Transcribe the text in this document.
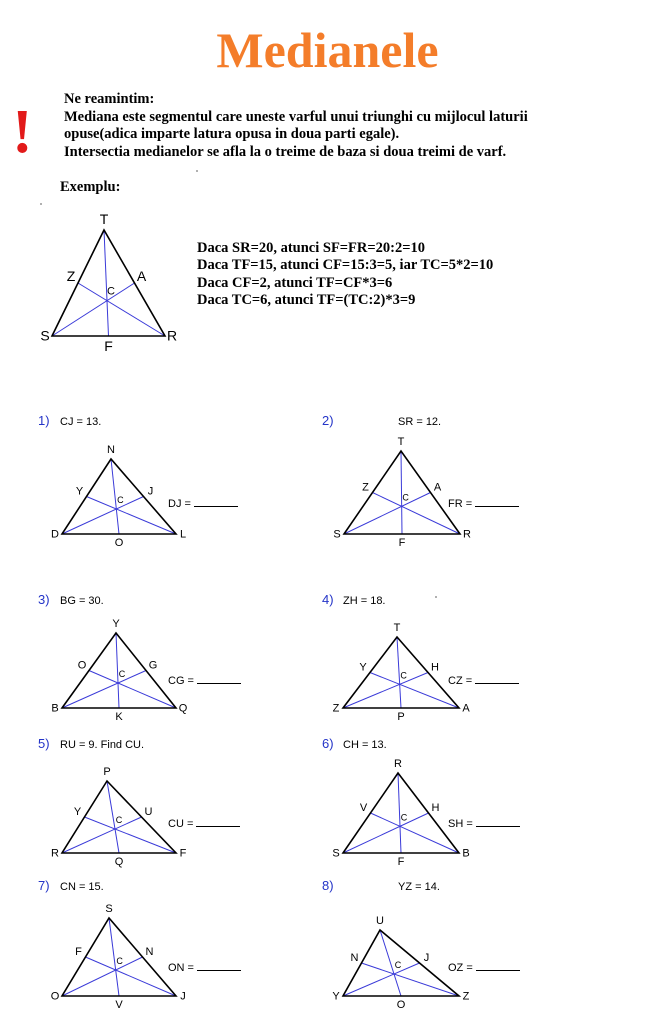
Medianele
! Ne reamintim:
Mediana este segmentul care uneste varful unui triunghi cu mijlocul laturii
opuse(adica imparte latura opusa in doua parti egale).
Intersectia medianelor se afla la o treime de baza si doua treimi de varf.
Exemplu:
Daca SR=20, atunci SF=FR=20:2=10
Daca TF=15, atunci CF=15:3=5, iar TC=5*2=10
Daca CF=2, atunci TF=CF*3=6
Daca TC=6, atunci TF=(TC:2)*3=9
T
S	R
Z	A
F
C
N
D	L
Y	J
O
C
T
S	R
Z	A
F
C
Y
B	Q
O	G
K
C
T
Z	A
Y	H
P
C
P
R	F
Y	U
Q
C
R
S	B
V	H
F
C
S
O	J
F	N
V
C
U
Y	Z
N	J
O
C
1) CJ = 13.
DJ =
2)	SR = 12.
FR =
3) BG = 30.
CG =
4) ZH = 18.
CZ =
5) RU = 9. Find CU.
CU =
6) CH = 13.
SH =
7) CN = 15.
ON =
8)	YZ = 14.
OZ =
